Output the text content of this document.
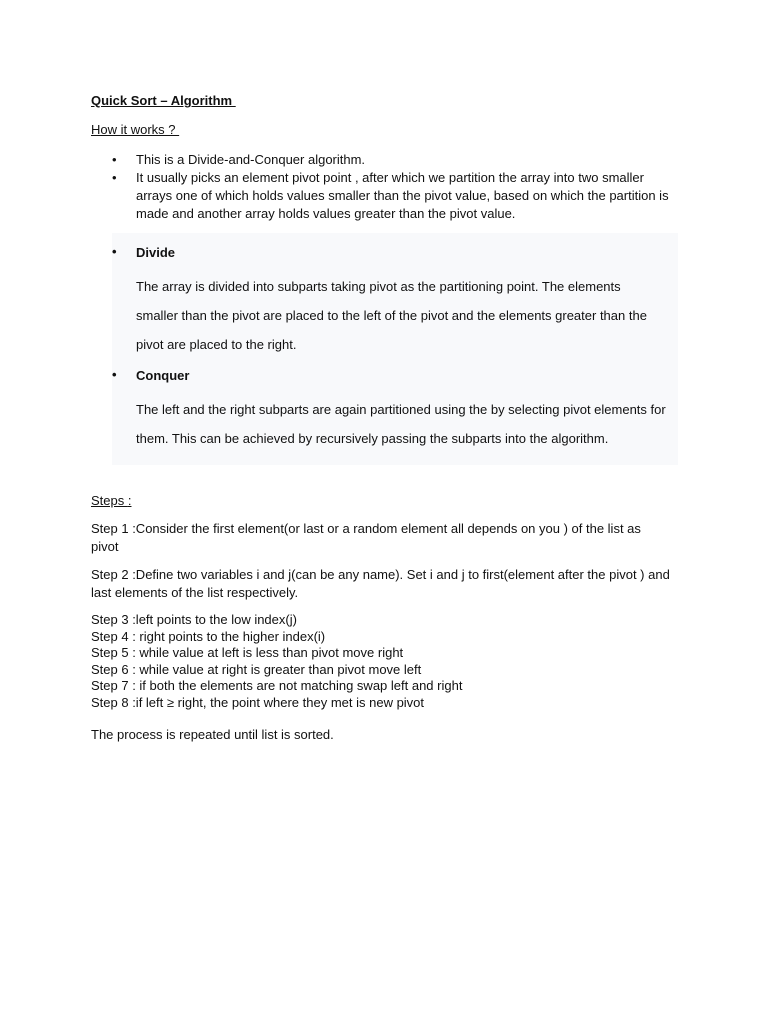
Quick Sort – Algorithm
How it works ?
• This is a Divide-and-Conquer algorithm.
• It usually picks an element pivot point , after which we partition the array into two smaller arrays one of which holds values smaller than the pivot value, based on which the partition is made and another array holds values greater than the pivot value.
• Divide
The array is divided into subparts taking pivot as the partitioning point. The elements smaller than the pivot are placed to the left of the pivot and the elements greater than the pivot are placed to the right.
• Conquer
The left and the right subparts are again partitioned using the by selecting pivot elements for them. This can be achieved by recursively passing the subparts into the algorithm.
Steps :
Step 1 :Consider the first element(or last or a random element all depends on you ) of the list as pivot
Step 2 :Define two variables i and j(can be any name). Set i and j to first(element after the pivot ) and last elements of the list respectively.
Step 3 :left points to the low index(j)
Step 4 : right points to the higher index(i)
Step 5 : while value at left is less than pivot move right
Step 6 : while value at right is greater than pivot move left
Step 7 : if both the elements are not matching swap left and right
Step 8 :if left ≥ right, the point where they met is new pivot
The process is repeated until list is sorted.
